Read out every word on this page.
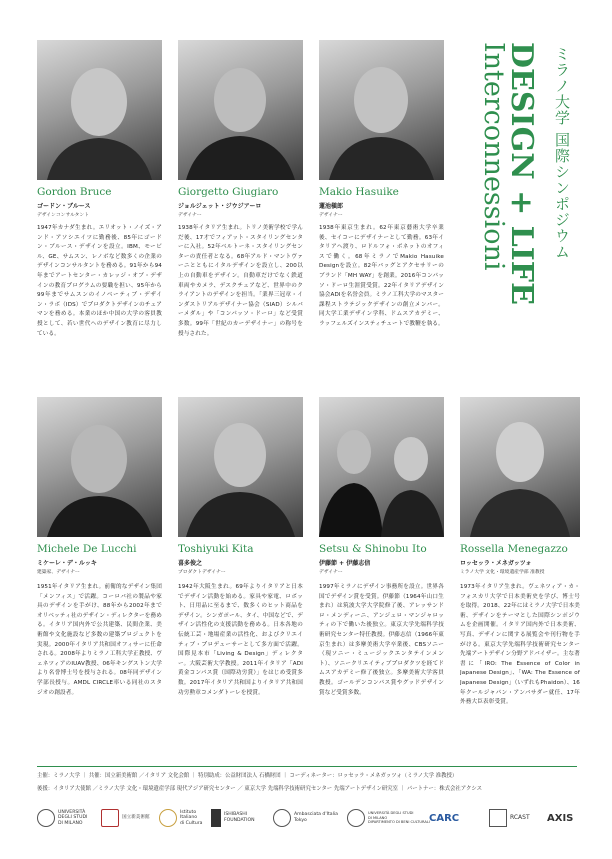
ミラノ大学 国際シンポジウム
DESIGN + LIFE
Interconnessioni
Gordon Bruce
ゴードン・ブルース
デザインコンサルタント
1947年カナダ生まれ。エリオット・ノイズ・アンド・アソシエイツに勤務後、85年にゴードン・ブルース・デザインを設立。IBM、モービル、GE、サムスン、レノボなど数多くの企業のデザインコンサルタントを務める。91年から94年までアートセンター・カレッジ・オブ・デザインの教育プログラムの要職を担い、95年から99年までサムスンのイノベーティブ・デザイン・ラボ（IDS）でプロダクトデザインのチェアマンを務める。本業のほか中国の大学の客員教授として、若い世代へのデザイン教育に尽力している。
Giorgetto Giugiaro
ジョルジェット・ジウジアーロ
デザイナー
1938年イタリア生まれ。トリノ美術学校で学んだ後、17才でフィアット・スタイリングセンターに入社。52年ベルトーネ・スタイリングセンターの責任者となる。68年アルド・マントヴァーニとともにイタルデザインを設立し、200以上の自動車をデザイン。自動車だけでなく鉄道車両やカメラ、デスクチェアなど、世界中のクライアントのデザインを担当。「業界三冠章・インダストリアルデザイナー協会（SIAD）シルバーメダル」や「コンパッソ・ドーロ」など受賞多数。99年「世紀のカーデザイナー」の称号を授与された。
Makio Hasuike
蓮池槇郎
デザイナー
1938年東京生まれ。62年東京藝術大学卒業後、セイコーにデザイナーとして勤務。63年イタリアへ渡り、ロドルフォ・ボネットのオフィスで働く。68年ミラノでMakio Hasuike Designを設立。82年バッグとアクセサリーのブランド「MH WAY」を創業。2016年コンパッソ・ドーロ生涯賞受賞。22年イタリアデザイン協会ADIを名誉会員。ミラノ工科大学のマスター課程ストラテジックデザインの創立メンバー。同大学工業デザイン学科、ドムスアカデミー、ラッフェルズインスティチュートで教鞭を執る。
Michele De Lucchi
ミケーレ・デ・ルッキ
建築家、デザイナー
1951年イタリア生まれ。前衛的なデザイン集団「メンフィス」で活躍。コーロバ社の製品や家具のデザインを手がけ、88年から2002年までオリベッティ社のデザイン・ディレクターを務める。イタリア国内外で公共建築、民間企業、美術館や文化施設など多数の建築プロジェクトを実現。2000年イタリア共和国オフィサーに任命される。2008年よりミラノ工科大学正教授、ヴェネツィアのIUAV教授、06年キングストン大学より名誉博士号を授与される。08年同デザイン学部長授与。AMDL CIRCLE率いる同社のスタジオの創設者。
Toshiyuki Kita
喜多俊之
プロダクトデザイナー
1942年大阪生まれ。69年よりイタリアと日本でデザイン活動を始める。家具や家電、ロボット、日用品に至るまで、数多くのヒット商品をデザイン。シンガポール、タイ、中国などで、デザイン活性化の支援活動を務める。日本各地の伝統工芸・地場産業の活性化、およびクリエイティブ・プロデューサーとして多方面で活躍。国際見本市「Living & Design」ディレクター。大阪芸術大学教授。2011年イタリア「ADI黄金コンパス賞（国際功労賞）」をはじめ受賞多数。2017年イタリア共和国よりイタリア共和国功労勲章コメンダトーレを授賞。
Setsu & Shinobu Ito
伊藤節 + 伊藤志信
デザイナー
1997年ミラノにデザイン事務所を設立。世界各国でデザイン賞を受賞。伊藤節（1964年山口生まれ）は筑波大学大学院修了後、アレッサンドロ・メンディーニ、アンジェロ・マンジャロッティの下で働いた後独立。東京大学先端科学技術研究センター特任教授。伊藤志信（1966年東京生まれ）は多摩美術大学卒業後、CBSソニー（現ソニー・ミュージックエンタテインメント）、ソニークリエイティブプロダクツを経てドムスアカデミー修了後独立。多摩美術大学客員教授。ゴールデンコンパス賞やグッドデザイン賞など受賞多数。
Rossella Menegazzo
ロッセッラ・メネガッツォ
ミラノ大学 文化・環境遺産学部 准教授
1973年イタリア生まれ。ヴェネツィア・カ・フォスカリ大学で日本美術史を学び、博士号を取得。2018、22年にはミラノ大学で日本美術、デザインをテーマとした国際シンポジウムを企画開催。イタリア国内外で日本美術、写真、デザインに関する展覧会や刊行物を手がける。東京大学先端科学技術研究センター先端アートデザイン分野アドバイザー。主な著書に「IRO: The Essence of Color in Japanese Design」、「WA: The Essence of Japanese Design」（いずれもPhaidon）、16年クールジャパン・アンバサダー就任、17年外務大臣表彰受賞。
主催：ミラノ大学 ｜ 共催：国立新美術館 ／イタリア 文化会館 ｜ 特別助成：公益財団法人 石橋財団 ｜ コーディネーター：ロッセッラ・メネガッツォ（ミラノ大学 准教授）
後援：イタリア大使館 ／ミラノ大学 文化・環境遺産学部 現代アジア研究センター ／ 東京大学 先端科学技術研究センター 先端アートデザイン研究室 ｜ パートナー：株式会社アクシス
UNIVERSITÀ
DEGLI STUDI
DI MILANO
国立新美術館
Istituto
Italiano
di Cultura
ISHIBASHI
FOUNDATION
Ambasciata d'Italia
Tokyo
UNIVERSITÀ DEGLI STUDI
DI MILANO
DIPARTIMENTO DI BENI CULTURALI CARC	RCAST AXIS
